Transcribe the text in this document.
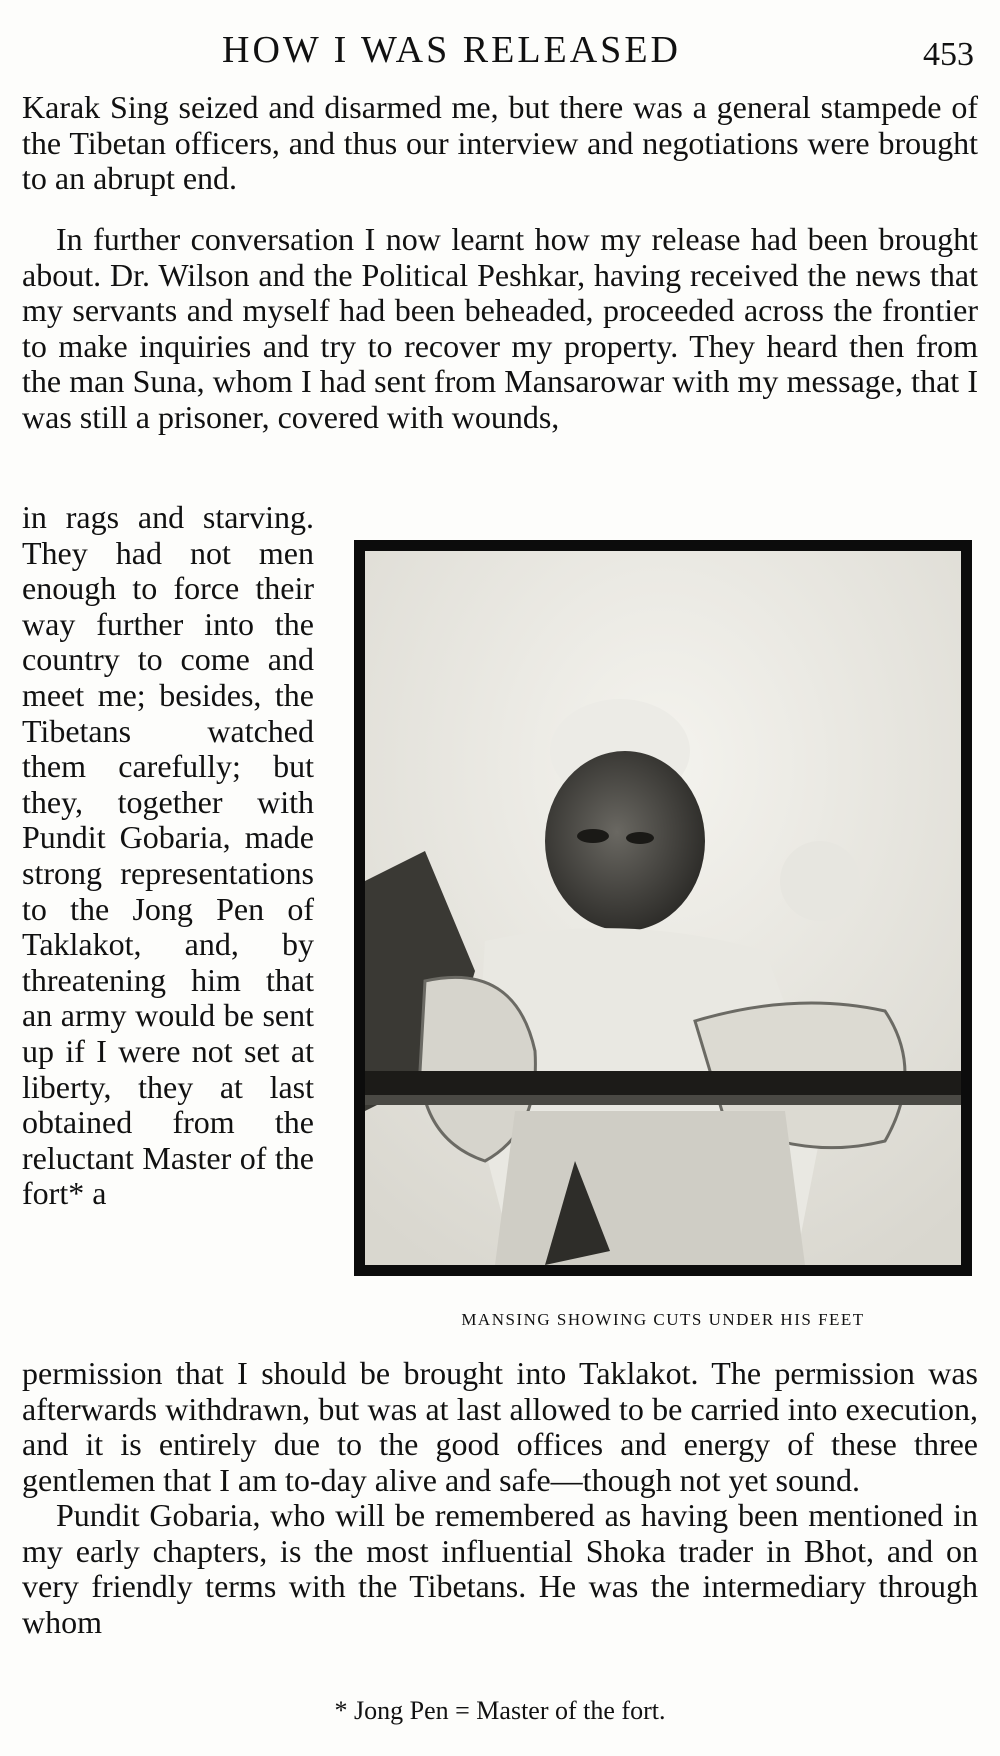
HOW I WAS RELEASED	453

Karak Sing seized and disarmed me, but there was a general stampede of the Tibetan officers, and thus our interview and negotiations were brought to an abrupt end.

In further conversation I now learnt how my release had been brought about. Dr. Wilson and the Political Peshkar, having received the news that my servants and myself had been beheaded, proceeded across the frontier to make inquiries and try to recover my property. They heard then from the man Suna, whom I had sent from Mansarowar with my message, that I was still a prisoner, covered with wounds,

in rags and starving. They had not men enough to force their way further into the country to come and meet me; besides, the Tibetans watched them carefully; but they, together with Pundit Gobaria, made strong representations to the Jong Pen of Taklakot, and, by threatening him that an army would be sent up if I were not set at liberty, they at last obtained from the reluctant Master of the fort* a

MANSING SHOWING CUTS UNDER HIS FEET

permission that I should be brought into Taklakot. The permission was afterwards withdrawn, but was at last allowed to be carried into execution, and it is entirely due to the good offices and energy of these three gentlemen that I am to-day alive and safe—though not yet sound.

Pundit Gobaria, who will be remembered as having been mentioned in my early chapters, is the most influential Shoka trader in Bhot, and on very friendly terms with the Tibetans. He was the intermediary through whom

* Jong Pen = Master of the fort.
